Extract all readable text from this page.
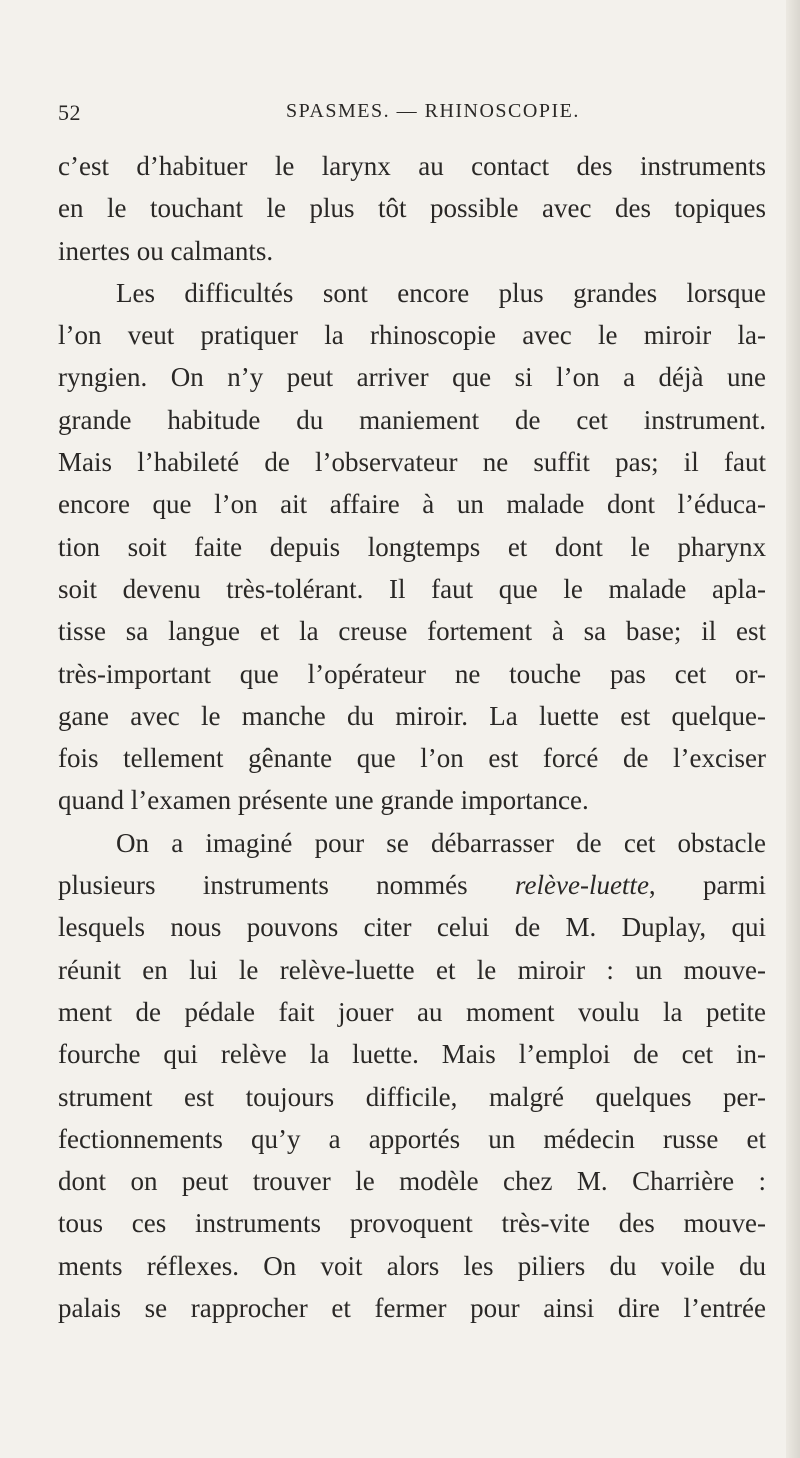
52	SPASMES. — RHINOSCOPIE.
c’est d’habituer le larynx au contact des instruments
en le touchant le plus tôt possible avec des topiques
inertes ou calmants.
Les difficultés sont encore plus grandes lorsque
l’on veut pratiquer la rhinoscopie avec le miroir la-
ryngien. On n’y peut arriver que si l’on a déjà une
grande habitude du maniement de cet instrument.
Mais l’habileté de l’observateur ne suffit pas; il faut
encore que l’on ait affaire à un malade dont l’éduca-
tion soit faite depuis longtemps et dont le pharynx
soit devenu très-tolérant. Il faut que le malade apla-
tisse sa langue et la creuse fortement à sa base; il est
très-important que l’opérateur ne touche pas cet or-
gane avec le manche du miroir. La luette est quelque-
fois tellement gênante que l’on est forcé de l’exciser
quand l’examen présente une grande importance.
On a imaginé pour se débarrasser de cet obstacle
plusieurs instruments nommés relève-luette, parmi
lesquels nous pouvons citer celui de M. Duplay, qui
réunit en lui le relève-luette et le miroir : un mouve-
ment de pédale fait jouer au moment voulu la petite
fourche qui relève la luette. Mais l’emploi de cet in-
strument est toujours difficile, malgré quelques per-
fectionnements qu’y a apportés un médecin russe et
dont on peut trouver le modèle chez M. Charrière :
tous ces instruments provoquent très-vite des mouve-
ments réflexes. On voit alors les piliers du voile du
palais se rapprocher et fermer pour ainsi dire l’entrée
